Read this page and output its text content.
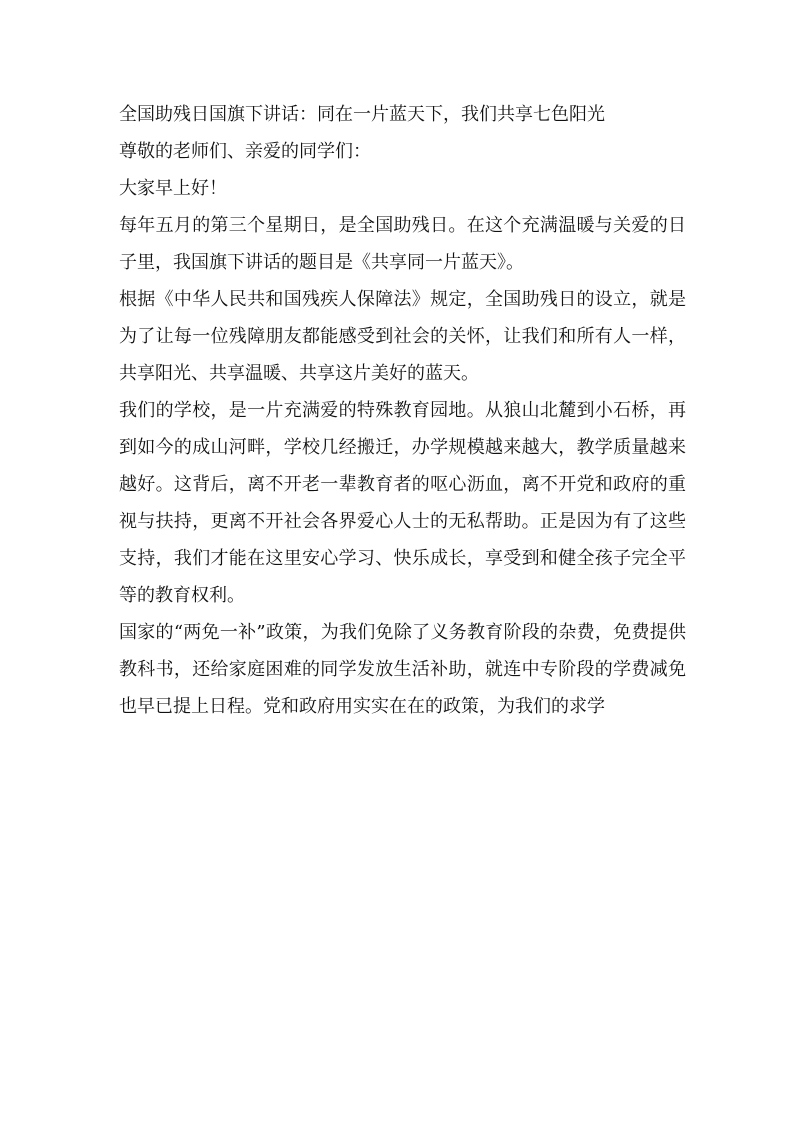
全国助残日国旗下讲话：同在一片蓝天下，我们共享七色阳光

尊敬的老师们、亲爱的同学们：

大家早上好！

每年五月的第三个星期日，是全国助残日。在这个充满温暖与关爱的日子里，我国旗下讲话的题目是《共享同一片蓝天》。

根据《中华人民共和国残疾人保障法》规定，全国助残日的设立，就是为了让每一位残障朋友都能感受到社会的关怀，让我们和所有人一样，共享阳光、共享温暖、共享这片美好的蓝天。

我们的学校，是一片充满爱的特殊教育园地。从狼山北麓到小石桥，再到如今的成山河畔，学校几经搬迁，办学规模越来越大，教学质量越来越好。这背后，离不开老一辈教育者的呕心沥血，离不开党和政府的重视与扶持，更离不开社会各界爱心人士的无私帮助。正是因为有了这些支持，我们才能在这里安心学习、快乐成长，享受到和健全孩子完全平等的教育权利。

国家的“两免一补”政策，为我们免除了义务教育阶段的杂费，免费提供教科书，还给家庭困难的同学发放生活补助，就连中专阶段的学费减免也早已提上日程。党和政府用实实在在的政策，为我们的求学
